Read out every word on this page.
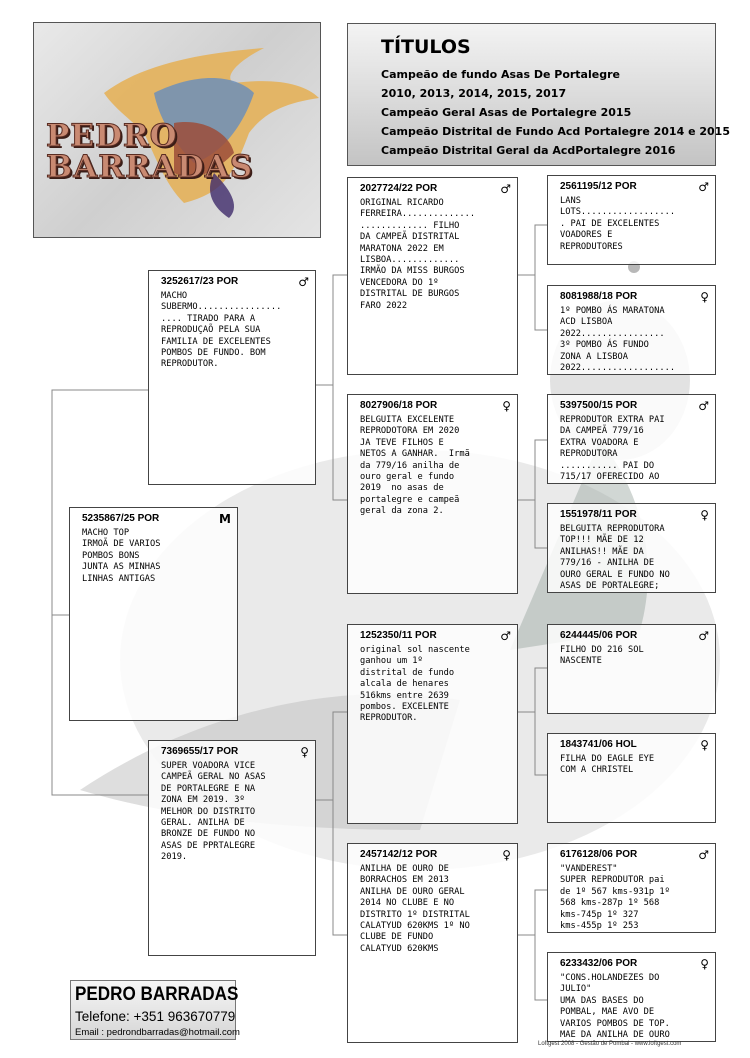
PEDRO
BARRADAS
TÍTULOS
Campeão de fundo Asas De Portalegre
2010, 2013, 2014, 2015, 2017
Campeão Geral Asas de Portalegre 2015
Campeão Distrital de Fundo Acd Portalegre 2014 e 2015
Campeão Distrital Geral da AcdPortalegre 2016
5235867/25 POR	M
MACHO TOP
IRMOÃ DE VARIOS
POMBOS BONS
JUNTA AS MINHAS
LINHAS ANTIGAS
3252617/23 POR	♂
MACHO
SUBERMO................
.... TIRADO PARA A
REPRODUÇAÕ PELA SUA
FAMILIA DE EXCELENTES
POMBOS DE FUNDO. BOM
REPRODUTOR.
7369655/17 POR	♀
SUPER VOADORA VICE
CAMPEÃ GERAL NO ASAS
DE PORTALEGRE E NA
ZONA EM 2019. 3º
MELHOR DO DISTRITO
GERAL. ANILHA DE
BRONZE DE FUNDO NO
ASAS DE PPRTALEGRE
2019.
2027724/22 POR	♂
ORIGINAL RICARDO
FERREIRA..............
............. FILHO
DA CAMPEÃ DISTRITAL
MARATONA 2022 EM
LISBOA.............
IRMÃO DA MISS BURGOS
VENCEDORA DO 1º
DISTRITAL DE BURGOS
FARO 2022
8027906/18 POR	♀
BELGUITA EXCELENTE
REPRODOTORA EM 2020
JA TEVE FILHOS E
NETOS A GANHAR.  Irmã
da 779/16 anilha de
ouro geral e fundo
2019  no asas de
portalegre e campeã
geral da zona 2.
1252350/11 POR	♂
original sol nascente
ganhou um 1º
distrital de fundo
alcala de henares
516kms entre 2639
pombos. EXCELENTE
REPRODUTOR.
2457142/12 POR	♀
ANILHA DE OURO DE
BORRACHOS EM 2013
ANILHA DE OURO GERAL
2014 NO CLUBE E NO
DISTRITO 1º DISTRITAL
CALATYUD 620KMS 1º NO
CLUBE DE FUNDO
CALATYUD 620KMS
2561195/12 POR	♂
LANS
LOTS..................
. PAI DE EXCELENTES
VOADORES E
REPRODUTORES
8081988/18 POR	♀
1º POMBO ÁS MARATONA
ACD LISBOA
2022................
3º POMBO ÁS FUNDO
ZONA A LISBOA
2022..................
5397500/15 POR	♂
REPRODUTOR EXTRA PAI
DA CAMPEÃ 779/16
EXTRA VOADORA E
REPRODUTORA
........... PAI DO
715/17 OFERECIDO AO
1551978/11 POR	♀
BELGUITA REPRODUTORA
TOP!!! MÃE DE 12
ANILHAS!! MÃE DA
779/16 - ANILHA DE
OURO GERAL E FUNDO NO
ASAS DE PORTALEGRE;
6244445/06 POR	♂
FILHO DO 216 SOL
NASCENTE
1843741/06 HOL	♀
FILHA DO EAGLE EYE
COM A CHRISTEL
6176128/06 POR	♂
"VANDEREST"
SUPER REPRODUTOR pai
de 1º 567 kms-931p 1º
568 kms-287p 1º 568
kms-745p 1º 327
kms-455p 1º 253
6233432/06 POR	♀
"CONS.HOLANDEZES DO
JULIO"
UMA DAS BASES DO
POMBAL, MAE AVO DE
VARIOS POMBOS DE TOP.
MAE DA ANILHA DE OURO
PEDRO BARRADAS
Telefone: +351 963670779
Email : pedrondbarradas@hotmail.com
Loftgest 2008 - Gestão de Pombal - www.loftgest.com
